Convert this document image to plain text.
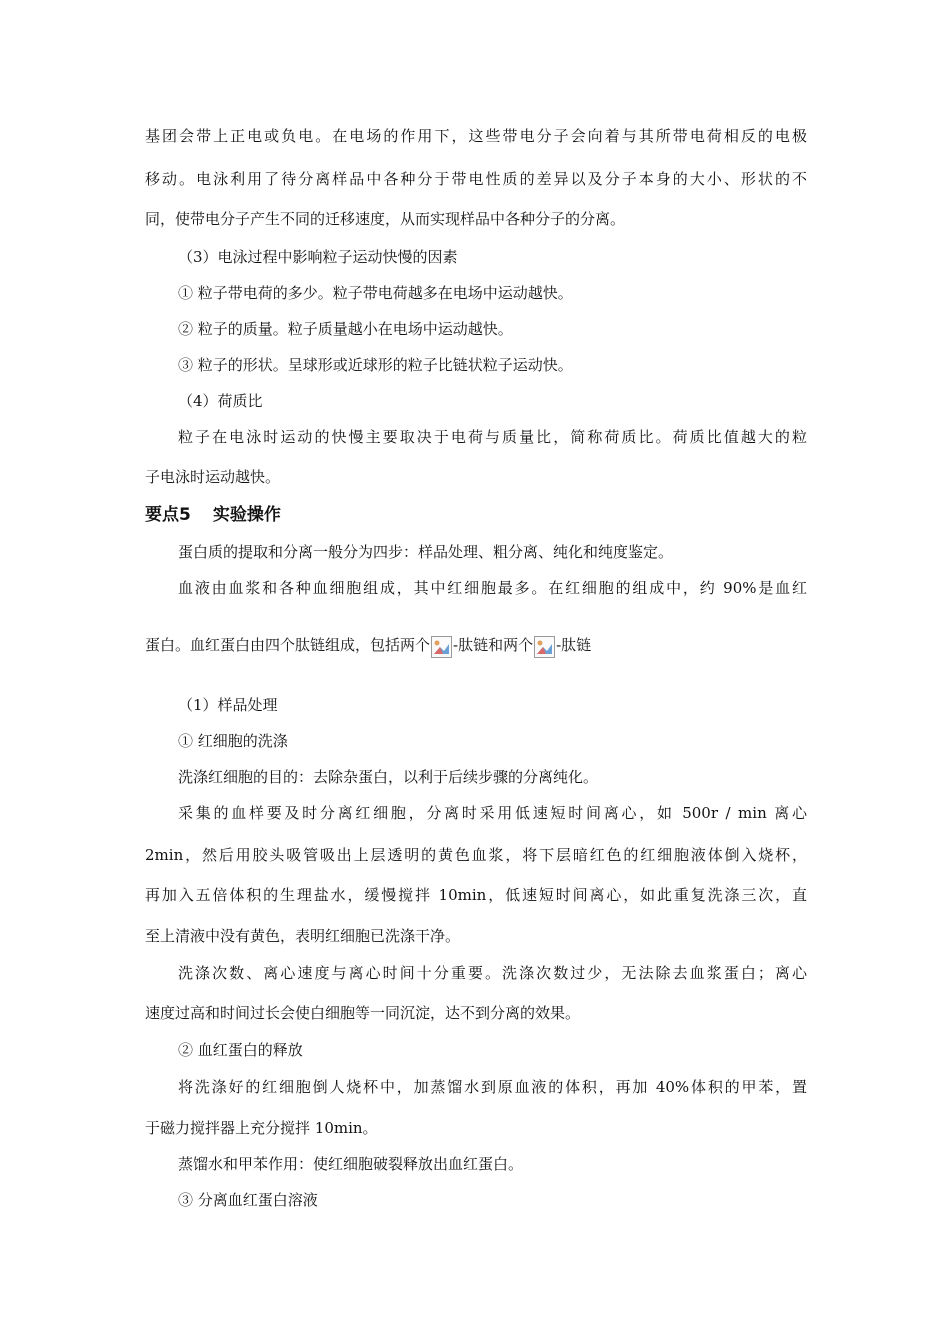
基团会带上正电或负电。在电场的作用下，这些带电分子会向着与其所带电荷相反的电极
移动。电泳利用了待分离样品中各种分于带电性质的差异以及分子本身的大小、形状的不
同，使带电分子产生不同的迁移速度，从而实现样品中各种分子的分离。
（3）电泳过程中影响粒子运动快慢的因素
① 粒子带电荷的多少。粒子带电荷越多在电场中运动越快。
② 粒子的质量。粒子质量越小在电场中运动越快。
③ 粒子的形状。呈球形或近球形的粒子比链状粒子运动快。
（4）荷质比
粒子在电泳时运动的快慢主要取决于电荷与质量比，简称荷质比。荷质比值越大的粒
子电泳时运动越快。
要点5 实验操作
蛋白质的提取和分离一般分为四步：样品处理、粗分离、纯化和纯度鉴定。
血液由血浆和各种血细胞组成，其中红细胞最多。在红细胞的组成中，约 90%是血红
蛋白。血红蛋白由四个肽链组成，包括两个 -肽链和两个 -肽链
（1）样品处理
① 红细胞的洗涤
洗涤红细胞的目的：去除杂蛋白，以利于后续步骤的分离纯化。
采集的血样要及时分离红细胞，分离时采用低速短时间离心，如 500r / min 离心
2min，然后用胶头吸管吸出上层透明的黄色血浆，将下层暗红色的红细胞液体倒入烧杯，
再加入五倍体积的生理盐水，缓慢搅拌 10min，低速短时间离心，如此重复洗涤三次，直
至上清液中没有黄色，表明红细胞已洗涤干净。
洗涤次数、离心速度与离心时间十分重要。洗涤次数过少，无法除去血浆蛋白；离心
速度过高和时间过长会使白细胞等一同沉淀，达不到分离的效果。
② 血红蛋白的释放
将洗涤好的红细胞倒人烧杯中，加蒸馏水到原血液的体积，再加 40%体积的甲苯，置
于磁力搅拌器上充分搅拌 10min。
蒸馏水和甲苯作用：使红细胞破裂释放出血红蛋白。
③ 分离血红蛋白溶液
